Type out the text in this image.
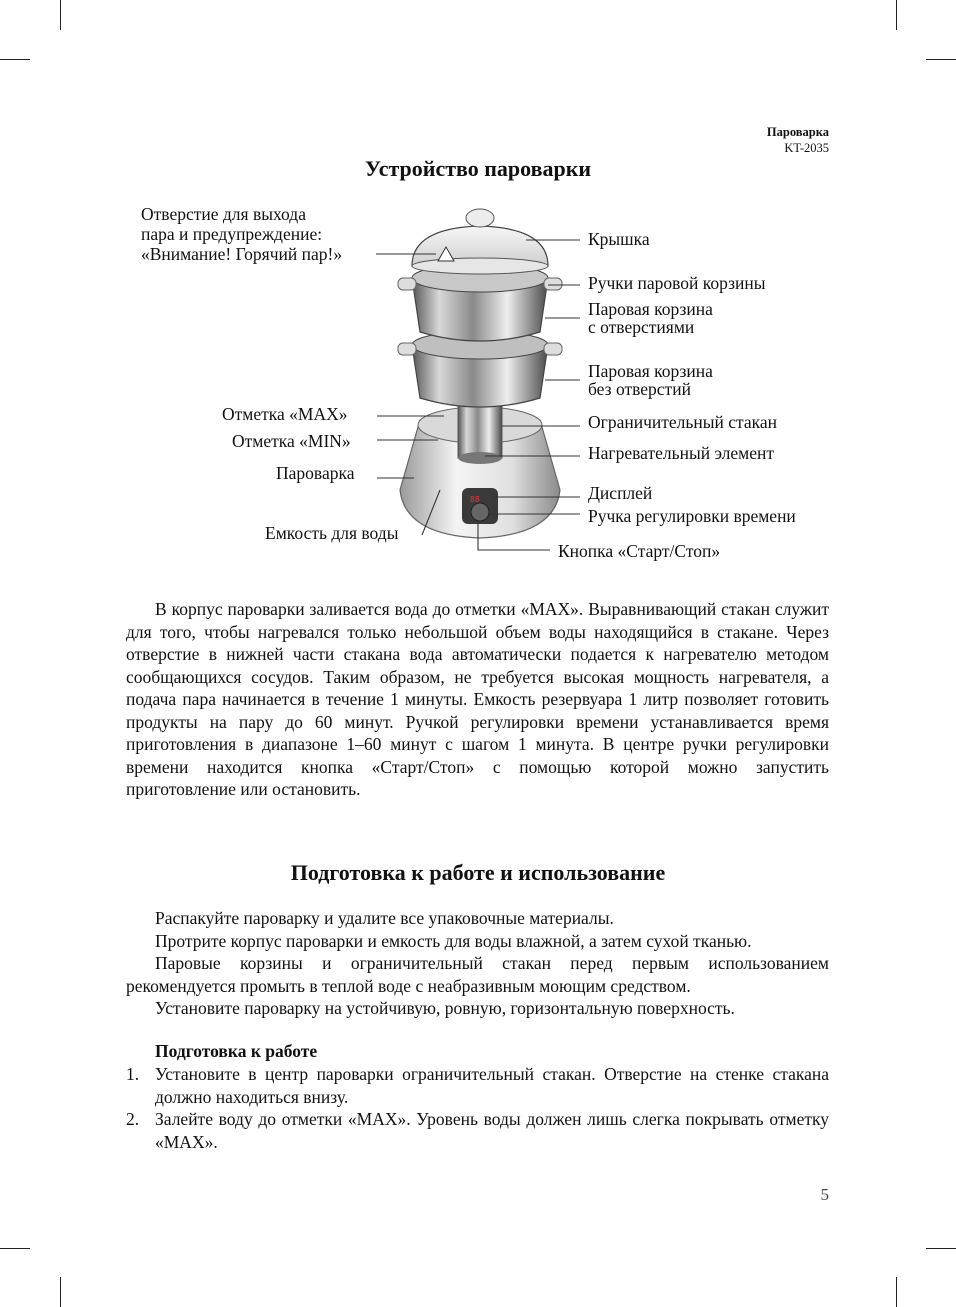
Пароварка
KT-2035
Устройство пароварки
88
Отверстие для выхода
пара и предупреждение:
«Внимание! Горячий пар!»
Крышка
Ручки паровой корзины
Паровая корзина
с отверстиями
Паровая корзина
без отверстий
Ограничительный стакан
Нагревательный элемент
Дисплей
Ручка регулировки времени
Кнопка «Старт/Стоп»
Отметка «MAX»
Отметка «MIN»
Пароварка
Емкость для воды

В корпус пароварки заливается вода до отметки «MAX». Выравнивающий стакан служит для того, чтобы нагревался только небольшой объем воды находящийся в стакане. Через отверстие в нижней части стакана вода автоматически подается к нагревателю методом сообщающихся сосудов. Таким образом, не требуется высокая мощность нагревателя, а подача пара начинается в течение 1 минуты. Емкость резервуара 1 литр позволяет готовить продукты на пару до 60 минут. Ручкой регулировки времени устанавливается время приготовления в диапазоне 1–60 минут с шагом 1 минута. В центре ручки регулировки времени находится кнопка «Старт/Стоп» с помощью которой можно запустить приготовление или остановить.

Подготовка к работе и использование

Распакуйте пароварку и удалите все упаковочные материалы.

Протрите корпус пароварки и емкость для воды влажной, а затем сухой тканью.

Паровые корзины и ограничительный стакан перед первым использованием рекомендуется промыть в теплой воде с неабразивным моющим средством.

Установите пароварку на устойчивую, ровную, горизонтальную поверхность.

Подготовка к работе

1. Установите в центр пароварки ограничительный стакан. Отверстие на стенке стакана должно находиться внизу.
2. Залейте воду до отметки «MAX». Уровень воды должен лишь слегка покрывать отметку «MAX».
5
